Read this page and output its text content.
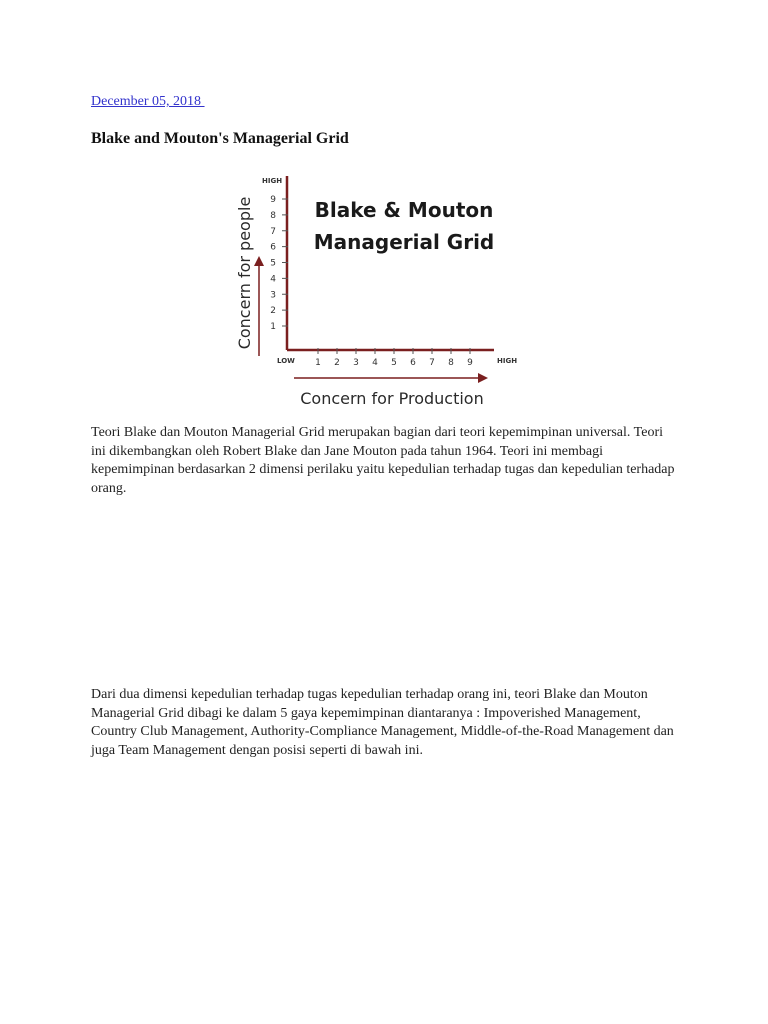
December 05, 2018
Blake and Mouton's Managerial Grid
Blake & Mouton
Managerial Grid
Concern for people
Concern for Production
HIGH
LOW	HIGH
1
2
3
4
5
6
7
8
9
1 2 3 4 5 6 7 8 9

Teori Blake dan Mouton Managerial Grid merupakan bagian dari teori kepemimpinan universal. Teori ini dikembangkan oleh Robert Blake dan Jane Mouton pada tahun 1964. Teori ini membagi kepemimpinan berdasarkan 2 dimensi perilaku yaitu kepedulian terhadap tugas dan kepedulian terhadap orang.

Dari dua dimensi kepedulian terhadap tugas kepedulian terhadap orang ini, teori Blake dan Mouton Managerial Grid dibagi ke dalam 5 gaya kepemimpinan diantaranya : Impoverished Management, Country Club Management, Authority-Compliance Management, Middle-of-the-Road Management dan juga Team Management dengan posisi seperti di bawah ini.
